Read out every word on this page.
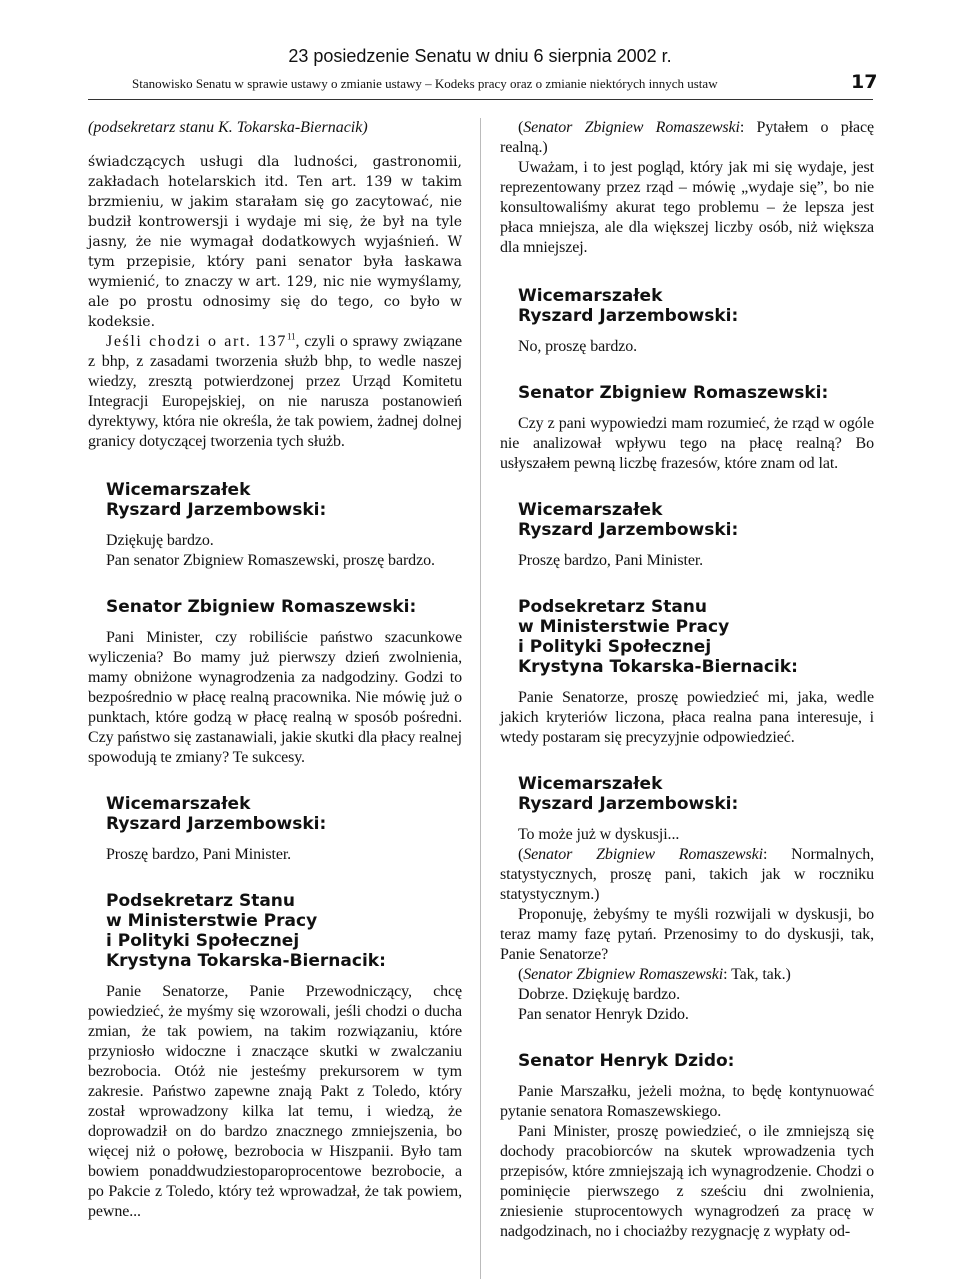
23 posiedzenie Senatu w dniu 6 sierpnia 2002 r.
Stanowisko Senatu w sprawie ustawy o zmianie ustawy – Kodeks pracy oraz o zmianie niektórych innych ustaw	17

(podsekretarz stanu K. Tokarska-Biernacik)

świadczących usługi dla ludności, gastronomii, zakładach hotelarskich itd. Ten art. 139 w takim brzmieniu, w jakim starałam się go zacytować, nie budził kontrowersji i wydaje mi się, że był na tyle jasny, że nie wymagał dodatkowych wyjaśnień. W tym przepisie, który pani senator była łaskawa wymienić, to znaczy w art. 129, nic nie wymyślamy, ale po prostu odnosimy się do tego, co było w kodeksie.

Jeśli chodzi o art. $137^{11}$, czyli o sprawy związane z bhp, z zasadami tworzenia służb bhp, to wedle naszej wiedzy, zresztą potwierdzonej przez Urząd Komitetu Integracji Europejskiej, on nie narusza postanowień dyrektywy, która nie określa, że tak powiem, żadnej dolnej granicy dotyczącej tworzenia tych służb.

Wicemarszałek
Ryszard Jarzembowski:

Dziękuję bardzo.

Pan senator Zbigniew Romaszewski, proszę bardzo.

Senator Zbigniew Romaszewski:

Pani Minister, czy robiliście państwo szacunkowe wyliczenia? Bo mamy już pierwszy dzień zwolnienia, mamy obniżone wynagrodzenia za nadgodziny. Godzi to bezpośrednio w płacę realną pracownika. Nie mówię już o punktach, które godzą w płacę realną w sposób pośredni. Czy państwo się zastanawiali, jakie skutki dla płacy realnej spowodują te zmiany? Te sukcesy.

Wicemarszałek
Ryszard Jarzembowski:

Proszę bardzo, Pani Minister.

Podsekretarz Stanu
w Ministerstwie Pracy
i Polityki Społecznej
Krystyna Tokarska-Biernacik:

Panie Senatorze, Panie Przewodniczący, chcę powiedzieć, że myśmy się wzorowali, jeśli chodzi o ducha zmian, że tak powiem, na takim rozwiązaniu, które przyniosło widoczne i znaczące skutki w zwalczaniu bezrobocia. Otóż nie jesteśmy prekursorem w tym zakresie. Państwo zapewne znają Pakt z Toledo, który został wprowadzony kilka lat temu, i wiedzą, że doprowadził on do bardzo znacznego zmniejszenia, bo więcej niż o połowę, bezrobocia w Hiszpanii. Było tam bowiem ponaddwudziestoparoprocentowe bezrobocie, a po Pakcie z Toledo, który też wprowadzał, że tak powiem, pewne...

(Senator Zbigniew Romaszewski: Pytałem o płacę realną.)

Uważam, i to jest pogląd, który jak mi się wydaje, jest reprezentowany przez rząd – mówię „wydaje się”, bo nie konsultowaliśmy akurat tego problemu – że lepsza jest płaca mniejsza, ale dla większej liczby osób, niż większa dla mniejszej.

Wicemarszałek
Ryszard Jarzembowski:

No, proszę bardzo.

Senator Zbigniew Romaszewski:

Czy z pani wypowiedzi mam rozumieć, że rząd w ogóle nie analizował wpływu tego na płacę realną? Bo usłyszałem pewną liczbę frazesów, które znam od lat.

Wicemarszałek
Ryszard Jarzembowski:

Proszę bardzo, Pani Minister.

Podsekretarz Stanu
w Ministerstwie Pracy
i Polityki Społecznej
Krystyna Tokarska-Biernacik:

Panie Senatorze, proszę powiedzieć mi, jaka, wedle jakich kryteriów liczona, płaca realna pana interesuje, i wtedy postaram się precyzyjnie odpowiedzieć.

Wicemarszałek
Ryszard Jarzembowski:

To może już w dyskusji...

(Senator Zbigniew Romaszewski: Normalnych, statystycznych, proszę pani, takich jak w roczniku statystycznym.)

Proponuję, żebyśmy te myśli rozwijali w dyskusji, bo teraz mamy fazę pytań. Przenosimy to do dyskusji, tak, Panie Senatorze?

(Senator Zbigniew Romaszewski: Tak, tak.)

Dobrze. Dziękuję bardzo.

Pan senator Henryk Dzido.

Senator Henryk Dzido:

Panie Marszałku, jeżeli można, to będę kontynuować pytanie senatora Romaszewskiego.

Pani Minister, proszę powiedzieć, o ile zmniejszą się dochody pracobiorców na skutek wprowadzenia tych przepisów, które zmniejszają ich wynagrodzenie. Chodzi o pominięcie pierwszego z sześciu dni zwolnienia, zniesienie stuprocentowych wynagrodzeń za pracę w nadgodzinach, no i chociażby rezygnację z wypłaty od-
